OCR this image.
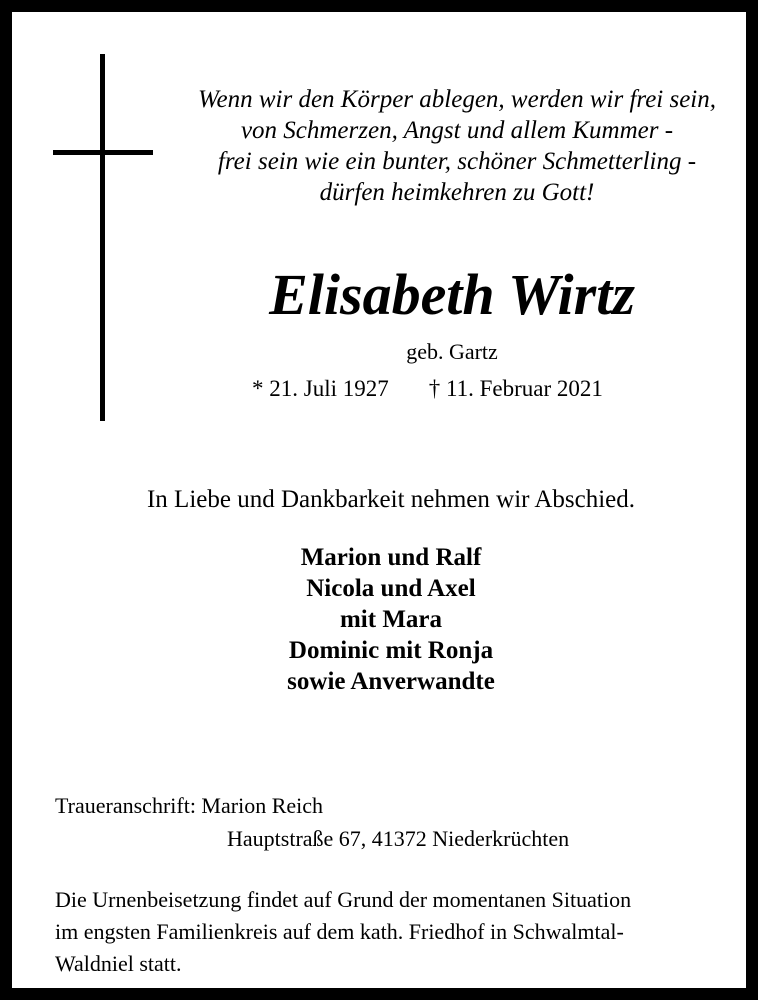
Wenn wir den Körper ablegen, werden wir frei sein,
von Schmerzen, Angst und allem Kummer -
frei sein wie ein bunter, schöner Schmetterling -
dürfen heimkehren zu Gott!
Elisabeth Wirtz
geb. Gartz
* 21. Juli 1927 † 11. Februar 2021
In Liebe und Dankbarkeit nehmen wir Abschied.
Marion und Ralf
Nicola und Axel
mit Mara
Dominic mit Ronja
sowie Anverwandte
Traueranschrift: Marion Reich
Hauptstraße 67, 41372 Niederkrüchten
Die Urnenbeisetzung findet auf Grund der momentanen Situation
im engsten Familienkreis auf dem kath. Friedhof in Schwalmtal-
Waldniel statt.
